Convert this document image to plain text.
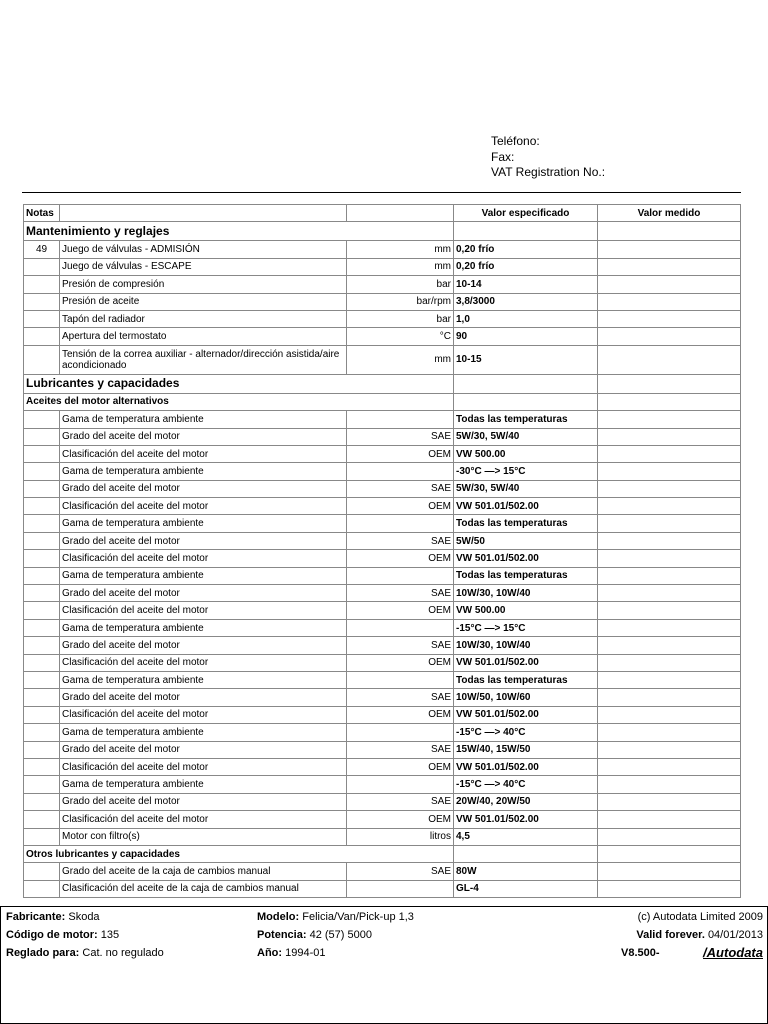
Teléfono:
Fax:
VAT Registration No.:
Notas			Valor especificado	Valor medido
Mantenimiento y reglajes				
49	Juego de válvulas - ADMISIÓN	mm	0,20 frío	
	Juego de válvulas - ESCAPE	mm	0,20 frío	
	Presión de compresión	bar	10-14	
	Presión de aceite	bar/rpm	3,8/3000	
	Tapón del radiador	bar	1,0	
	Apertura del termostato	°C	90	
	Tensión de la correa auxiliar - alternador/dirección asistida/aire acondicionado	mm	10-15	
Lubricantes y capacidades				
Aceites del motor alternativos				
	Gama de temperatura ambiente		Todas las temperaturas	
	Grado del aceite del motor	SAE	5W/30, 5W/40	
	Clasificación del aceite del motor	OEM	VW 500.00	
	Gama de temperatura ambiente		-30°C —> 15°C	
	Grado del aceite del motor	SAE	5W/30, 5W/40	
	Clasificación del aceite del motor	OEM	VW 501.01/502.00	
	Gama de temperatura ambiente		Todas las temperaturas	
	Grado del aceite del motor	SAE	5W/50	
	Clasificación del aceite del motor	OEM	VW 501.01/502.00	
	Gama de temperatura ambiente		Todas las temperaturas	
	Grado del aceite del motor	SAE	10W/30, 10W/40	
	Clasificación del aceite del motor	OEM	VW 500.00	
	Gama de temperatura ambiente		-15°C —> 15°C	
	Grado del aceite del motor	SAE	10W/30, 10W/40	
	Clasificación del aceite del motor	OEM	VW 501.01/502.00	
	Gama de temperatura ambiente		Todas las temperaturas	
	Grado del aceite del motor	SAE	10W/50, 10W/60	
	Clasificación del aceite del motor	OEM	VW 501.01/502.00	
	Gama de temperatura ambiente		-15°C —> 40°C	
	Grado del aceite del motor	SAE	15W/40, 15W/50	
	Clasificación del aceite del motor	OEM	VW 501.01/502.00	
	Gama de temperatura ambiente		-15°C —> 40°C	
	Grado del aceite del motor	SAE	20W/40, 20W/50	
	Clasificación del aceite del motor	OEM	VW 501.01/502.00	
	Motor con filtro(s)	litros	4,5	
Otros lubricantes y capacidades				
	Grado del aceite de la caja de cambios manual	SAE	80W	
	Clasificación del aceite de la caja de cambios manual		GL-4	
Fabricante: Skoda
Código de motor: 135
Reglado para: Cat. no regulado
Modelo: Felicia/Van/Pick-up 1,3
Potencia: 42 (57) 5000
Año: 1994-01
(c) Autodata Limited 2009
Valid forever. 04/01/2013
V8.500-	/Autodata
